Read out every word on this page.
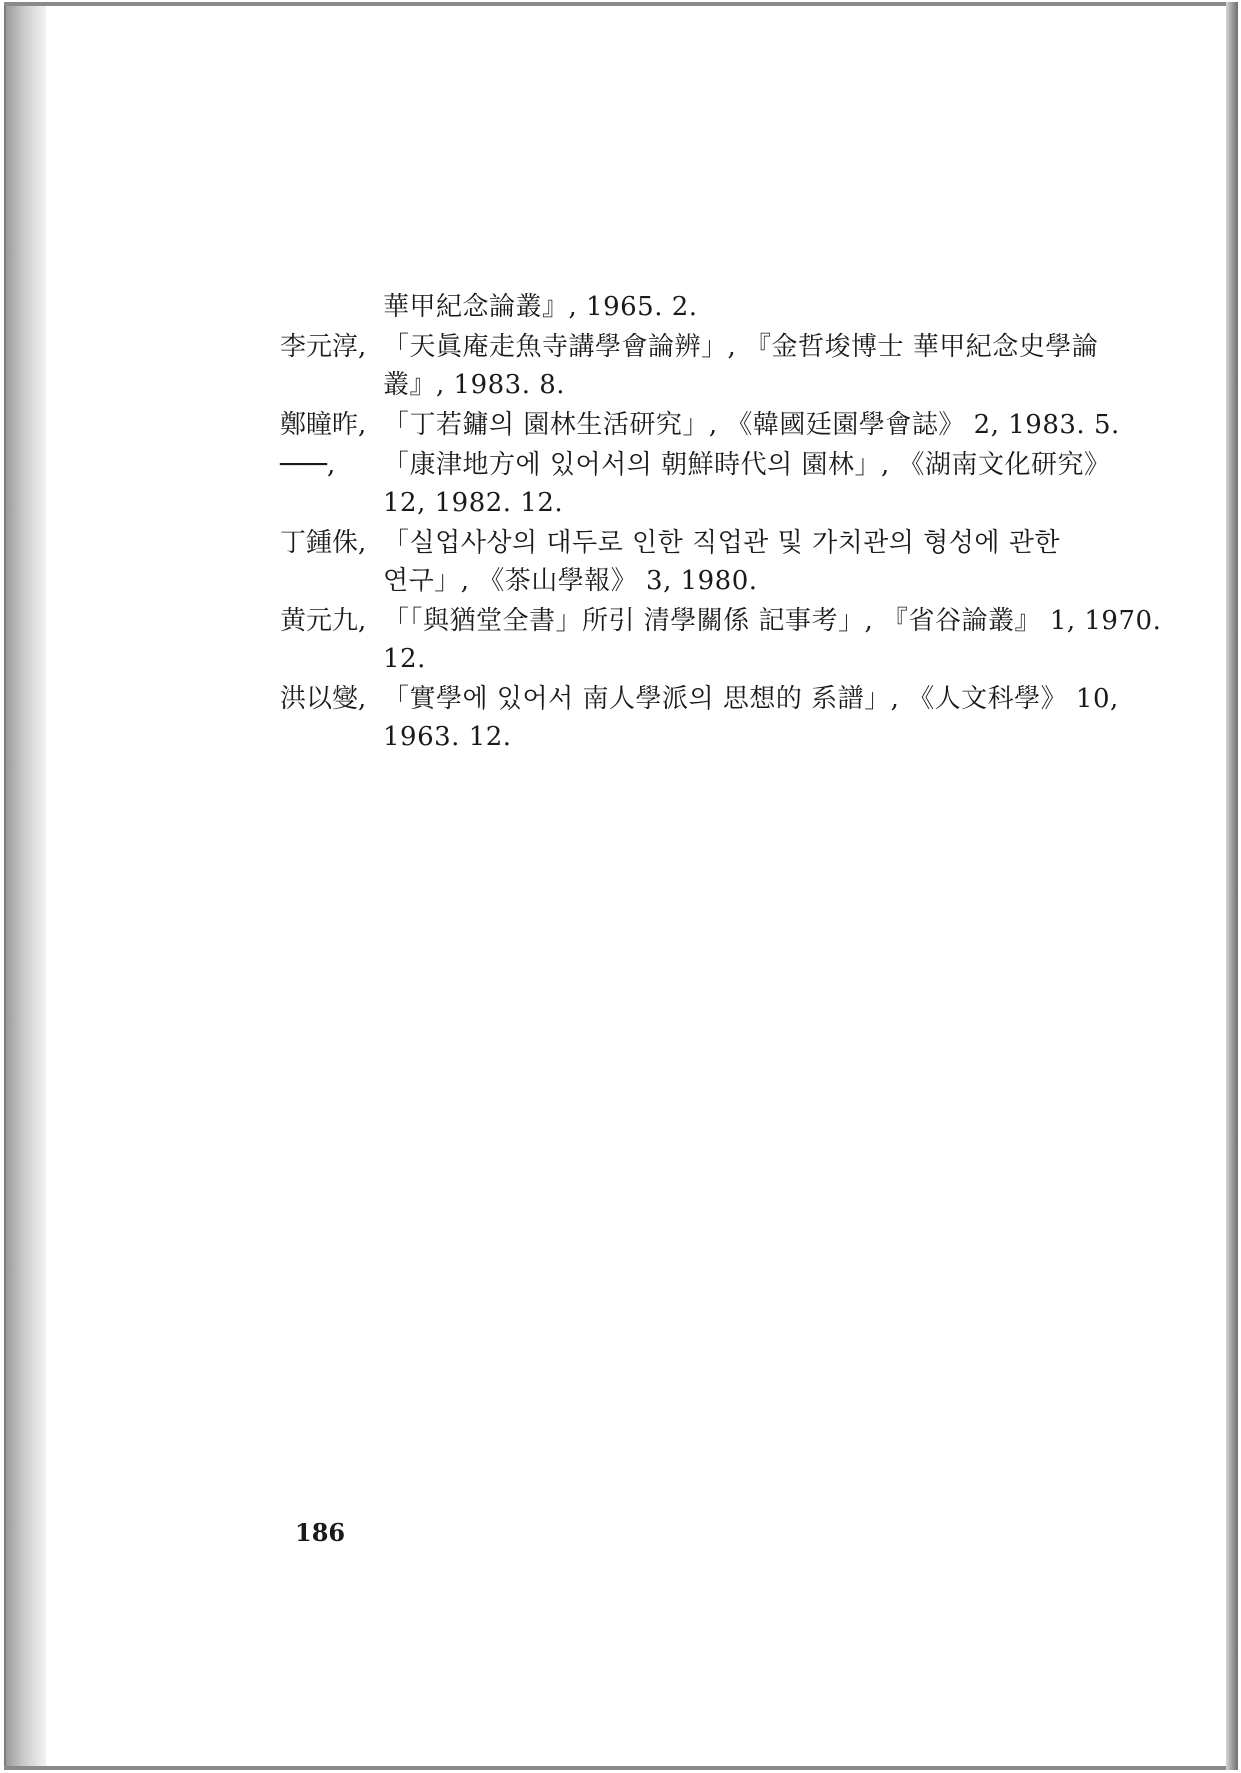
華甲紀念論叢』, 1965. 2.
李元淳, 「天眞庵走魚寺講學會論辨」, 『金哲埈博士 華甲紀念史學論
叢』, 1983. 8.
鄭瞳昨, 「丁若鏞의 園林生活研究」, 《韓國廷園學會誌》 2, 1983. 5.
───, 「康津地方에 있어서의 朝鮮時代의 園林」, 《湖南文化研究》
12, 1982. 12.
丁鍾侏, 「실업사상의 대두로 인한 직업관 및 가치관의 형성에 관한
연구」, 《茶山學報》 3, 1980.
黄元九, 「「與猶堂全書」所引 清學關係 記事考」, 『省谷論叢』 1, 1970.
12.
洪以燮, 「實學에 있어서 南人學派의 思想的 系譜」, 《人文科學》 10,
1963. 12.
186
